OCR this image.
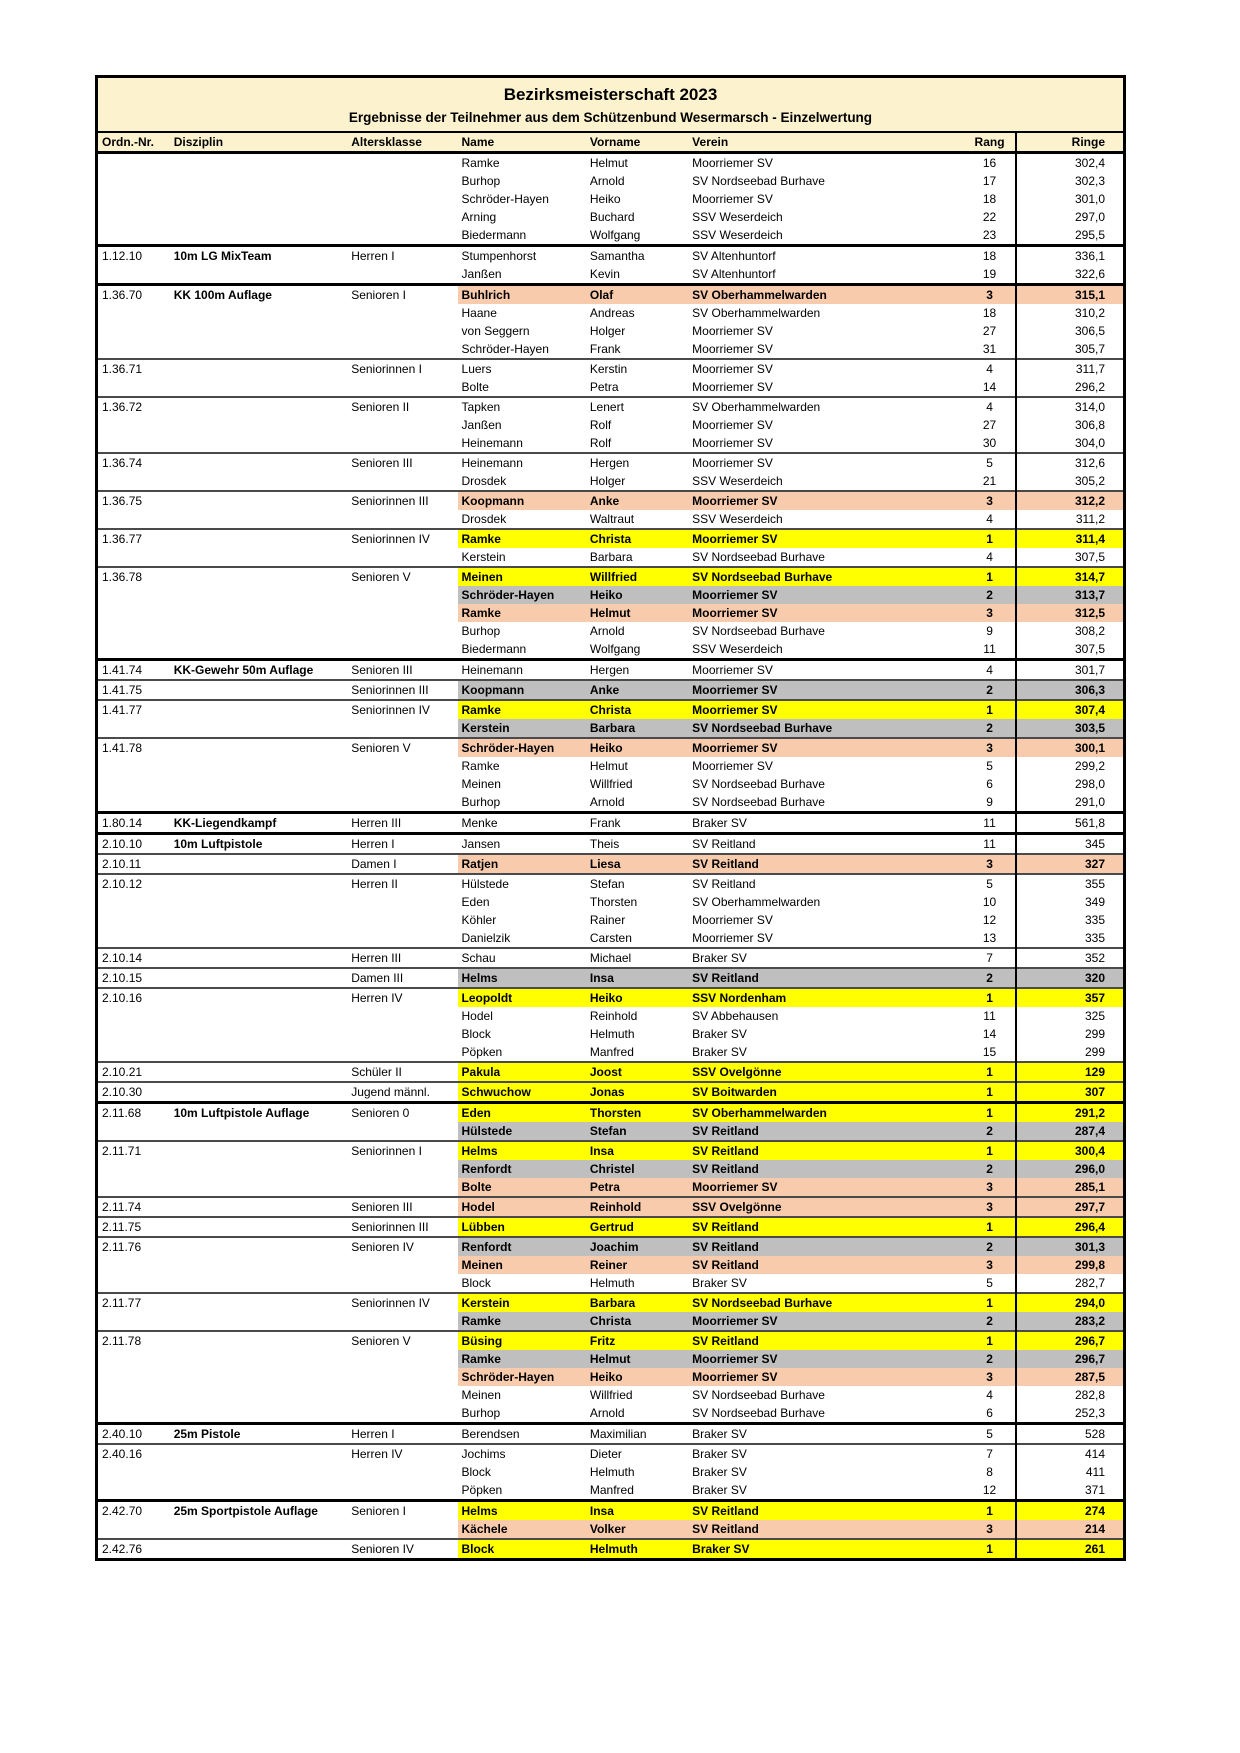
Bezirksmeisterschaft 2023
Ergebnisse der Teilnehmer aus dem Schützenbund Wesermarsch - Einzelwertung							

Ordn.-Nr.	Disziplin	Altersklasse	Name	Vorname	Verein	Rang	Ringe
			Ramke	Helmut	Moorriemer SV	16	302,4
			Burhop	Arnold	SV Nordseebad Burhave	17	302,3
			Schröder-Hayen	Heiko	Moorriemer SV	18	301,0
			Arning	Buchard	SSV Weserdeich	22	297,0
			Biedermann	Wolfgang	SSV Weserdeich	23	295,5
1.12.10	10m LG MixTeam	Herren I	Stumpenhorst	Samantha	SV Altenhuntorf	18	336,1
			Janßen	Kevin	SV Altenhuntorf	19	322,6
1.36.70	KK 100m Auflage	Senioren I	Buhlrich	Olaf	SV Oberhammelwarden	3	315,1
			Haane	Andreas	SV Oberhammelwarden	18	310,2
			von Seggern	Holger	Moorriemer SV	27	306,5
			Schröder-Hayen	Frank	Moorriemer SV	31	305,7
1.36.71		Seniorinnen I	Luers	Kerstin	Moorriemer SV	4	311,7
			Bolte	Petra	Moorriemer SV	14	296,2
1.36.72		Senioren II	Tapken	Lenert	SV Oberhammelwarden	4	314,0
			Janßen	Rolf	Moorriemer SV	27	306,8
			Heinemann	Rolf	Moorriemer SV	30	304,0
1.36.74		Senioren III	Heinemann	Hergen	Moorriemer SV	5	312,6
			Drosdek	Holger	SSV Weserdeich	21	305,2
1.36.75		Seniorinnen III	Koopmann	Anke	Moorriemer SV	3	312,2
			Drosdek	Waltraut	SSV Weserdeich	4	311,2
1.36.77		Seniorinnen IV	Ramke	Christa	Moorriemer SV	1	311,4
			Kerstein	Barbara	SV Nordseebad Burhave	4	307,5
1.36.78		Senioren V	Meinen	Willfried	SV Nordseebad Burhave	1	314,7
			Schröder-Hayen	Heiko	Moorriemer SV	2	313,7
			Ramke	Helmut	Moorriemer SV	3	312,5
			Burhop	Arnold	SV Nordseebad Burhave	9	308,2
			Biedermann	Wolfgang	SSV Weserdeich	11	307,5
1.41.74	KK-Gewehr 50m Auflage	Senioren III	Heinemann	Hergen	Moorriemer SV	4	301,7
1.41.75		Seniorinnen III	Koopmann	Anke	Moorriemer SV	2	306,3
1.41.77		Seniorinnen IV	Ramke	Christa	Moorriemer SV	1	307,4
			Kerstein	Barbara	SV Nordseebad Burhave	2	303,5
1.41.78		Senioren V	Schröder-Hayen	Heiko	Moorriemer SV	3	300,1
			Ramke	Helmut	Moorriemer SV	5	299,2
			Meinen	Willfried	SV Nordseebad Burhave	6	298,0
			Burhop	Arnold	SV Nordseebad Burhave	9	291,0
1.80.14	KK-Liegendkampf	Herren III	Menke	Frank	Braker SV	11	561,8
2.10.10	10m Luftpistole	Herren I	Jansen	Theis	SV Reitland	11	345
2.10.11		Damen I	Ratjen	Liesa	SV Reitland	3	327
2.10.12		Herren II	Hülstede	Stefan	SV Reitland	5	355
			Eden	Thorsten	SV Oberhammelwarden	10	349
			Köhler	Rainer	Moorriemer SV	12	335
			Danielzik	Carsten	Moorriemer SV	13	335
2.10.14		Herren III	Schau	Michael	Braker SV	7	352
2.10.15		Damen III	Helms	Insa	SV Reitland	2	320
2.10.16		Herren IV	Leopoldt	Heiko	SSV Nordenham	1	357
			Hodel	Reinhold	SV Abbehausen	11	325
			Block	Helmuth	Braker SV	14	299
			Pöpken	Manfred	Braker SV	15	299
2.10.21		Schüler II	Pakula	Joost	SSV Ovelgönne	1	129
2.10.30		Jugend männl.	Schwuchow	Jonas	SV Boitwarden	1	307
2.11.68	10m Luftpistole Auflage	Senioren 0	Eden	Thorsten	SV Oberhammelwarden	1	291,2
			Hülstede	Stefan	SV Reitland	2	287,4
2.11.71		Seniorinnen I	Helms	Insa	SV Reitland	1	300,4
			Renfordt	Christel	SV Reitland	2	296,0
			Bolte	Petra	Moorriemer SV	3	285,1
2.11.74		Senioren III	Hodel	Reinhold	SSV Ovelgönne	3	297,7
2.11.75		Seniorinnen III	Lübben	Gertrud	SV Reitland	1	296,4
2.11.76		Senioren IV	Renfordt	Joachim	SV Reitland	2	301,3
			Meinen	Reiner	SV Reitland	3	299,8
			Block	Helmuth	Braker SV	5	282,7
2.11.77		Seniorinnen IV	Kerstein	Barbara	SV Nordseebad Burhave	1	294,0
			Ramke	Christa	Moorriemer SV	2	283,2
2.11.78		Senioren V	Büsing	Fritz	SV Reitland	1	296,7
			Ramke	Helmut	Moorriemer SV	2	296,7
			Schröder-Hayen	Heiko	Moorriemer SV	3	287,5
			Meinen	Willfried	SV Nordseebad Burhave	4	282,8
			Burhop	Arnold	SV Nordseebad Burhave	6	252,3
2.40.10	25m Pistole	Herren I	Berendsen	Maximilian	Braker SV	5	528
2.40.16		Herren IV	Jochims	Dieter	Braker SV	7	414
			Block	Helmuth	Braker SV	8	411
			Pöpken	Manfred	Braker SV	12	371
2.42.70	25m Sportpistole Auflage	Senioren I	Helms	Insa	SV Reitland	1	274
			Kächele	Volker	SV Reitland	3	214
2.42.76		Senioren IV	Block	Helmuth	Braker SV	1	261
